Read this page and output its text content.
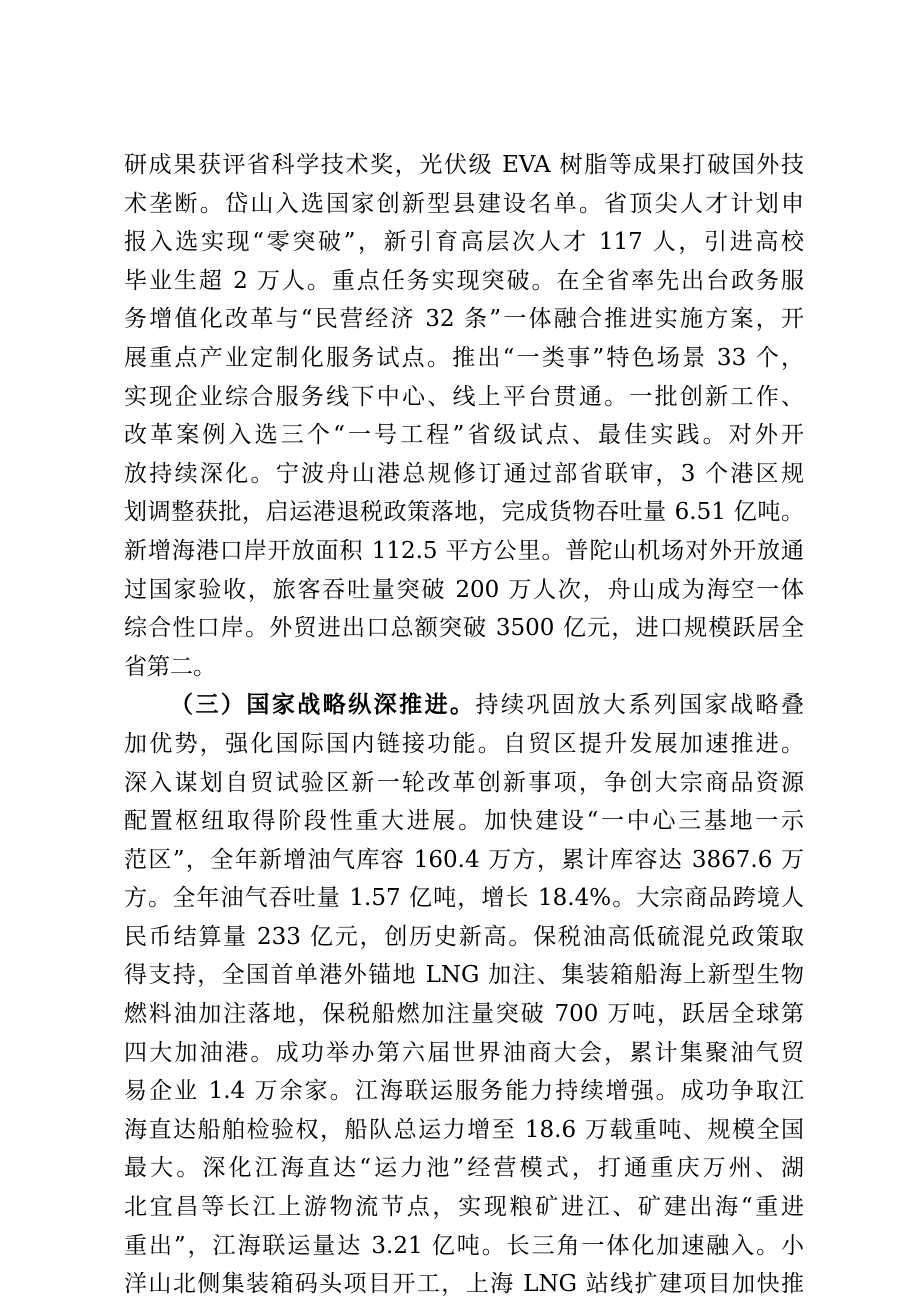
研成果获评省科学技术奖，光伏级 EVA 树脂等成果打破国外技
术垄断。岱山入选国家创新型县建设名单。省顶尖人才计划申
报入选实现“零突破”，新引育高层次人才 117 人，引进高校
毕业生超 2 万人。重点任务实现突破。在全省率先出台政务服
务增值化改革与“民营经济 32 条”一体融合推进实施方案，开
展重点产业定制化服务试点。推出“一类事”特色场景 33 个，
实现企业综合服务线下中心、线上平台贯通。一批创新工作、
改革案例入选三个“一号工程”省级试点、最佳实践。对外开
放持续深化。宁波舟山港总规修订通过部省联审，3 个港区规
划调整获批，启运港退税政策落地，完成货物吞吐量 6.51 亿吨。
新增海港口岸开放面积 112.5 平方公里。普陀山机场对外开放通
过国家验收，旅客吞吐量突破 200 万人次，舟山成为海空一体
综合性口岸。外贸进出口总额突破 3500 亿元，进口规模跃居全
省第二。
（三）国家战略纵深推进。持续巩固放大系列国家战略叠
加优势，强化国际国内链接功能。自贸区提升发展加速推进。
深入谋划自贸试验区新一轮改革创新事项，争创大宗商品资源
配置枢纽取得阶段性重大进展。加快建设“一中心三基地一示
范区”，全年新增油气库容 160.4 万方，累计库容达 3867.6 万
方。全年油气吞吐量 1.57 亿吨，增长 18.4%。大宗商品跨境人
民币结算量 233 亿元，创历史新高。保税油高低硫混兑政策取
得支持，全国首单港外锚地 LNG 加注、集装箱船海上新型生物
燃料油加注落地，保税船燃加注量突破 700 万吨，跃居全球第
四大加油港。成功举办第六届世界油商大会，累计集聚油气贸
易企业 1.4 万余家。江海联运服务能力持续增强。成功争取江
海直达船舶检验权，船队总运力增至 18.6 万载重吨、规模全国
最大。深化江海直达“运力池”经营模式，打通重庆万州、湖
北宜昌等长江上游物流节点，实现粮矿进江、矿建出海“重进
重出”，江海联运量达 3.21 亿吨。长三角一体化加速融入。小
洋山北侧集装箱码头项目开工，上海 LNG 站线扩建项目加快推
